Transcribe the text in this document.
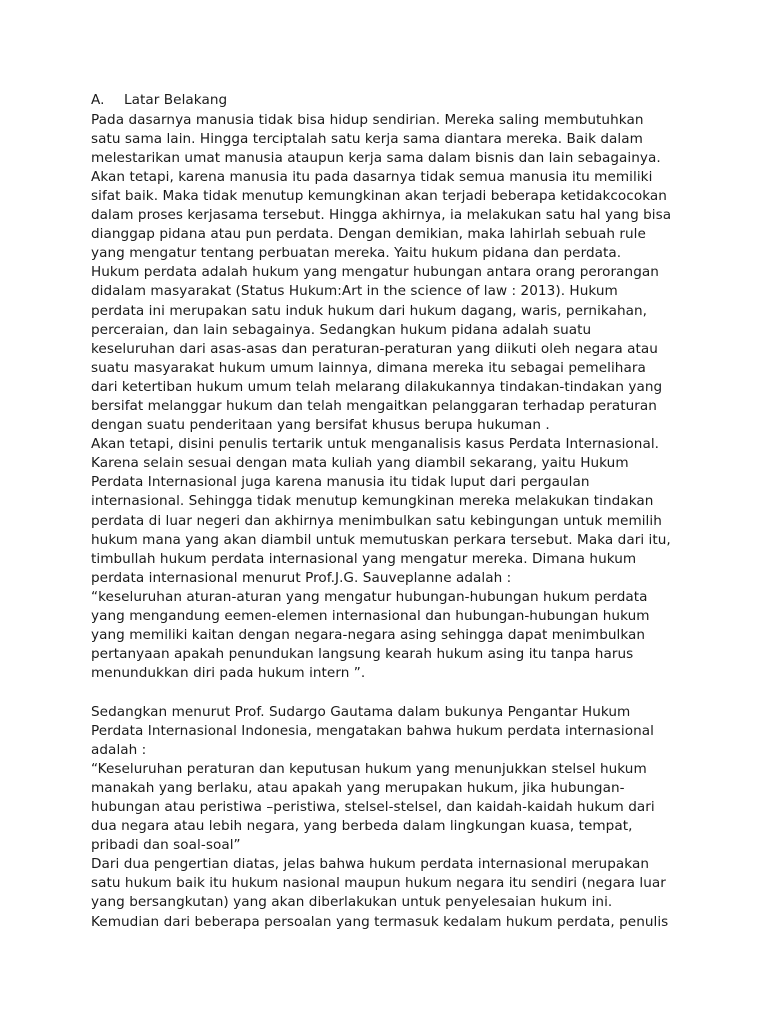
A. Latar Belakang
Pada dasarnya manusia tidak bisa hidup sendirian. Mereka saling membutuhkan
satu sama lain. Hingga terciptalah satu kerja sama diantara mereka. Baik dalam
melestarikan umat manusia ataupun kerja sama dalam bisnis dan lain sebagainya.
Akan tetapi, karena manusia itu pada dasarnya tidak semua manusia itu memiliki
sifat baik. Maka tidak menutup kemungkinan akan terjadi beberapa ketidakcocokan
dalam proses kerjasama tersebut. Hingga akhirnya, ia melakukan satu hal yang bisa
dianggap pidana atau pun perdata. Dengan demikian, maka lahirlah sebuah rule
yang mengatur tentang perbuatan mereka. Yaitu hukum pidana dan perdata.
Hukum perdata adalah hukum yang mengatur hubungan antara orang perorangan
didalam masyarakat (Status Hukum:Art in the science of law : 2013). Hukum
perdata ini merupakan satu induk hukum dari hukum dagang, waris, pernikahan,
perceraian, dan lain sebagainya. Sedangkan hukum pidana adalah suatu
keseluruhan dari asas-asas dan peraturan-peraturan yang diikuti oleh negara atau
suatu masyarakat hukum umum lainnya, dimana mereka itu sebagai pemelihara
dari ketertiban hukum umum telah melarang dilakukannya tindakan-tindakan yang
bersifat melanggar hukum dan telah mengaitkan pelanggaran terhadap peraturan
dengan suatu penderitaan yang bersifat khusus berupa hukuman .
Akan tetapi, disini penulis tertarik untuk menganalisis kasus Perdata Internasional.
Karena selain sesuai dengan mata kuliah yang diambil sekarang, yaitu Hukum
Perdata Internasional juga karena manusia itu tidak luput dari pergaulan
internasional. Sehingga tidak menutup kemungkinan mereka melakukan tindakan
perdata di luar negeri dan akhirnya menimbulkan satu kebingungan untuk memilih
hukum mana yang akan diambil untuk memutuskan perkara tersebut. Maka dari itu,
timbullah hukum perdata internasional yang mengatur mereka. Dimana hukum
perdata internasional menurut Prof.J.G. Sauveplanne adalah :
“keseluruhan aturan-aturan yang mengatur hubungan-hubungan hukum perdata
yang mengandung eemen-elemen internasional dan hubungan-hubungan hukum
yang memiliki kaitan dengan negara-negara asing sehingga dapat menimbulkan
pertanyaan apakah penundukan langsung kearah hukum asing itu tanpa harus
menundukkan diri pada hukum intern ”.
Sedangkan menurut Prof. Sudargo Gautama dalam bukunya Pengantar Hukum
Perdata Internasional Indonesia, mengatakan bahwa hukum perdata internasional
adalah :
“Keseluruhan peraturan dan keputusan hukum yang menunjukkan stelsel hukum
manakah yang berlaku, atau apakah yang merupakan hukum, jika hubungan-
hubungan atau peristiwa –peristiwa, stelsel-stelsel, dan kaidah-kaidah hukum dari
dua negara atau lebih negara, yang berbeda dalam lingkungan kuasa, tempat,
pribadi dan soal-soal”
Dari dua pengertian diatas, jelas bahwa hukum perdata internasional merupakan
satu hukum baik itu hukum nasional maupun hukum negara itu sendiri (negara luar
yang bersangkutan) yang akan diberlakukan untuk penyelesaian hukum ini.
Kemudian dari beberapa persoalan yang termasuk kedalam hukum perdata, penulis
